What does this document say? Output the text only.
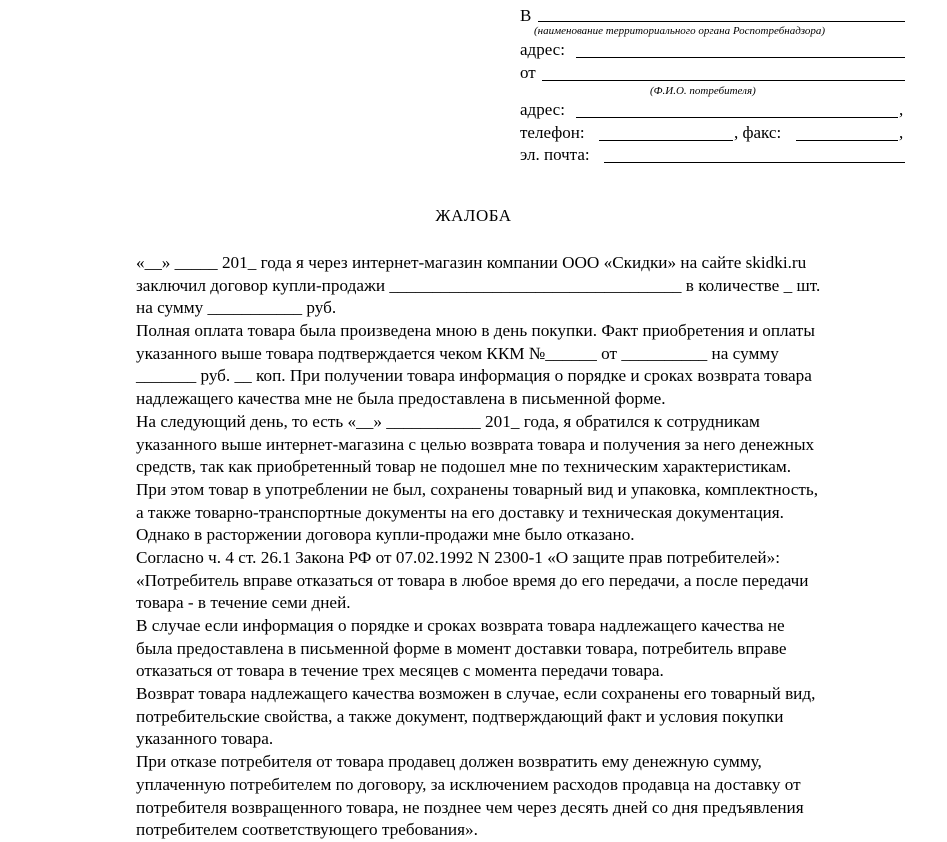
В
(наименование территориального органа Роспотребнадзора)
адрес:
от
(Ф.И.О. потребителя)
адрес:	,
телефон:	, факс:	,
эл. почта:
ЖАЛОБА
«__» _____ 201_ года я через интернет-магазин компании ООО «Скидки» на сайте skidki.ru
заключил договор купли-продажи __________________________________ в количестве _ шт.
на сумму ___________ руб.
Полная оплата товара была произведена мною в день покупки. Факт приобретения и оплаты
указанного выше товара подтверждается чеком ККМ №______ от __________ на сумму
_______ руб. __ коп. При получении товара информация о порядке и сроках возврата товара
надлежащего качества мне не была предоставлена в письменной форме.
На следующий день, то есть «__» ___________ 201_ года, я обратился к сотрудникам
указанного выше интернет-магазина с целью возврата товара и получения за него денежных
средств, так как приобретенный товар не подошел мне по техническим характеристикам.
При этом товар в употреблении не был, сохранены товарный вид и упаковка, комплектность,
а также товарно-транспортные документы на его доставку и техническая документация.
Однако в расторжении договора купли-продажи мне было отказано.
Согласно ч. 4 ст. 26.1 Закона РФ от 07.02.1992 N 2300-1 «О защите прав потребителей»:
«Потребитель вправе отказаться от товара в любое время до его передачи, а после передачи
товара - в течение семи дней.
В случае если информация о порядке и сроках возврата товара надлежащего качества не
была предоставлена в письменной форме в момент доставки товара, потребитель вправе
отказаться от товара в течение трех месяцев с момента передачи товара.
Возврат товара надлежащего качества возможен в случае, если сохранены его товарный вид,
потребительские свойства, а также документ, подтверждающий факт и условия покупки
указанного товара.
При отказе потребителя от товара продавец должен возвратить ему денежную сумму,
уплаченную потребителем по договору, за исключением расходов продавца на доставку от
потребителя возвращенного товара, не позднее чем через десять дней со дня предъявления
потребителем соответствующего требования».
